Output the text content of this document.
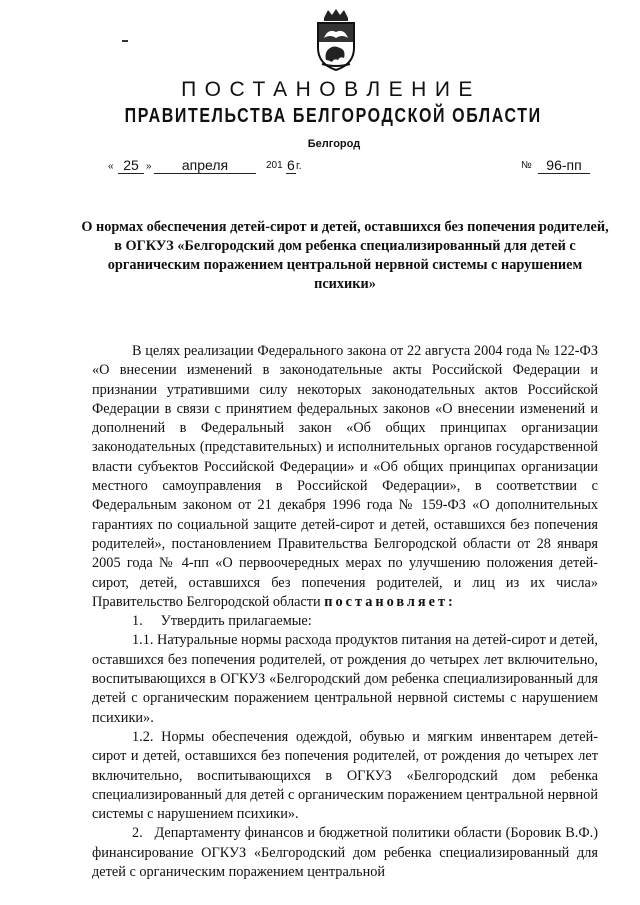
ПОСТАНОВЛЕНИЕ
ПРАВИТЕЛЬСТВА БЕЛГОРОДСКОЙ ОБЛАСТИ
Белгород
« 25 »	апреля	201 6 г.	№	96-пп
О нормах обеспечения детей-сирот и детей, оставшихся без попечения родителей, в ОГКУЗ «Белгородский дом ребенка специализированный для детей с органическим поражением центральной нервной системы с нарушением психики»

В целях реализации Федерального закона от 22 августа 2004 года № 122-ФЗ «О внесении изменений в законодательные акты Российской Федерации и признании утратившими силу некоторых законодательных актов Российской Федерации в связи с принятием федеральных законов «О внесении изменений и дополнений в Федеральный закон «Об общих принципах организации законодательных (представительных) и исполнительных органов государственной власти субъектов Российской Федерации» и «Об общих принципах организации местного самоуправления в Российской Федерации», в соответствии с Федеральным законом от 21 декабря 1996 года № 159-ФЗ «О дополнительных гарантиях по социальной защите детей-сирот и детей, оставшихся без попечения родителей», постановлением Правительства Белгородской области от 28 января 2005 года № 4-пп «О первоочередных мерах по улучшению положения детей-сирот, детей, оставшихся без попечения родителей, и лиц из их числа» Правительство Белгородской области постановляет:

1. Утвердить прилагаемые:

1.1. Натуральные нормы расхода продуктов питания на детей-сирот и детей, оставшихся без попечения родителей, от рождения до четырех лет включительно, воспитывающихся в ОГКУЗ «Белгородский дом ребенка специализированный для детей с органическим поражением центральной нервной системы с нарушением психики».

1.2. Нормы обеспечения одеждой, обувью и мягким инвентарем детей-сирот и детей, оставшихся без попечения родителей, от рождения до четырех лет включительно, воспитывающихся в ОГКУЗ «Белгородский дом ребенка специализированный для детей с органическим поражением центральной нервной системы с нарушением психики».

2. Департаменту финансов и бюджетной политики области (Боровик В.Ф.) финансирование ОГКУЗ «Белгородский дом ребенка специализированный для детей с органическим поражением центральной
